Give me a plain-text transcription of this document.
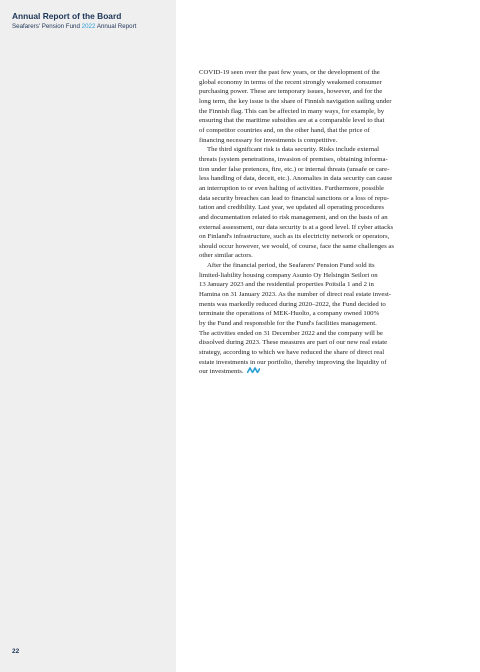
Annual Report of the Board
Seafarers' Pension Fund 2022 Annual Report

COVID-19 seen over the past few years, or the development of the
global economy in terms of the recent strongly weakened consumer
purchasing power. These are temporary issues, however, and for the
long term, the key issue is the share of Finnish navigation sailing under
the Finnish flag. This can be affected in many ways, for example, by
ensuring that the maritime subsidies are at a comparable level to that
of competitor countries and, on the other hand, that the price of
financing necessary for investments is competitive.

The third significant risk is data security. Risks include external
threats (system penetrations, invasion of premises, obtaining informa-
tion under false pretences, fire, etc.) or internal threats (unsafe or care-
less handling of data, deceit, etc.). Anomalies in data security can cause
an interruption to or even halting of activities. Furthermore, possible
data security breaches can lead to financial sanctions or a loss of repu-
tation and credibility. Last year, we updated all operating procedures
and documentation related to risk management, and on the basis of an
external assessment, our data security is at a good level. If cyber attacks
on Finland's infrastructure, such as its electricity network or operators,
should occur however, we would, of course, face the same challenges as
other similar actors.

After the financial period, the Seafarers' Pension Fund sold its
limited-liability housing company Asunto Oy Helsingin Seilori on
13 January 2023 and the residential properties Poitsila 1 and 2 in
Hamina on 31 January 2023. As the number of direct real estate invest-
ments was markedly reduced during 2020–2022, the Fund decided to
terminate the operations of MEK-Huolto, a company owned 100%
by the Fund and responsible for the Fund's facilities management.
The activities ended on 31 December 2022 and the company will be
dissolved during 2023. These measures are part of our new real estate
strategy, according to which we have reduced the share of direct real
estate investments in our portfolio, thereby improving the liquidity of
our investments.

22
